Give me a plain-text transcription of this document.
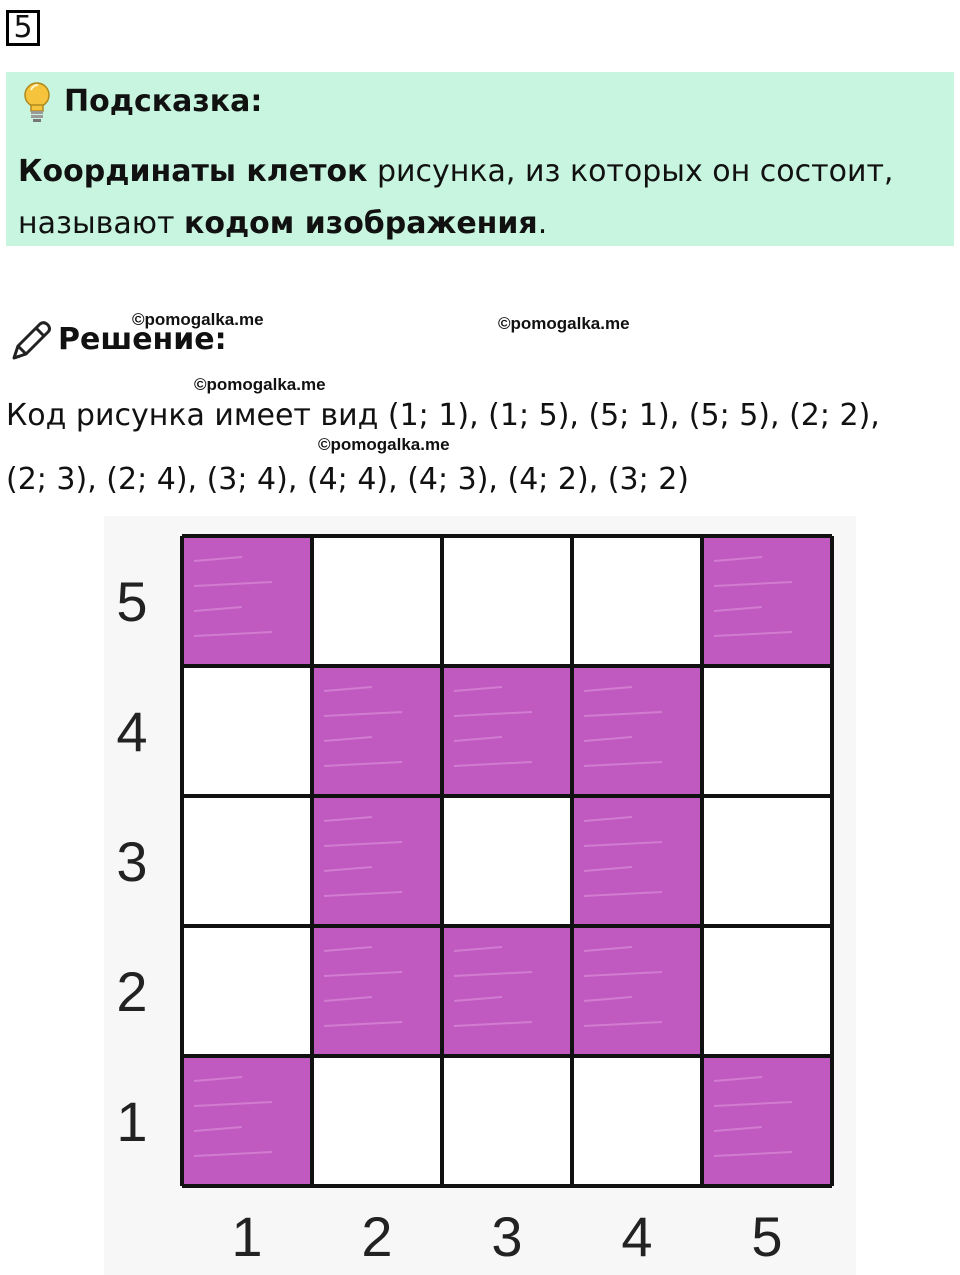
5
Подсказка:
Координаты клеток рисунка, из которых он состоит, называют кодом изображения.
Решение:
©pomogalka.me	©pomogalka.me
©pomogalka.me
©pomogalka.me
Код рисунка имеет вид (1; 1), (1; 5), (5; 1), (5; 5), (2; 2),
(2; 3), (2; 4), (3; 4), (4; 4), (4; 3), (4; 2), (3; 2)
5
4
3
2
1
1 2 3 4 5
